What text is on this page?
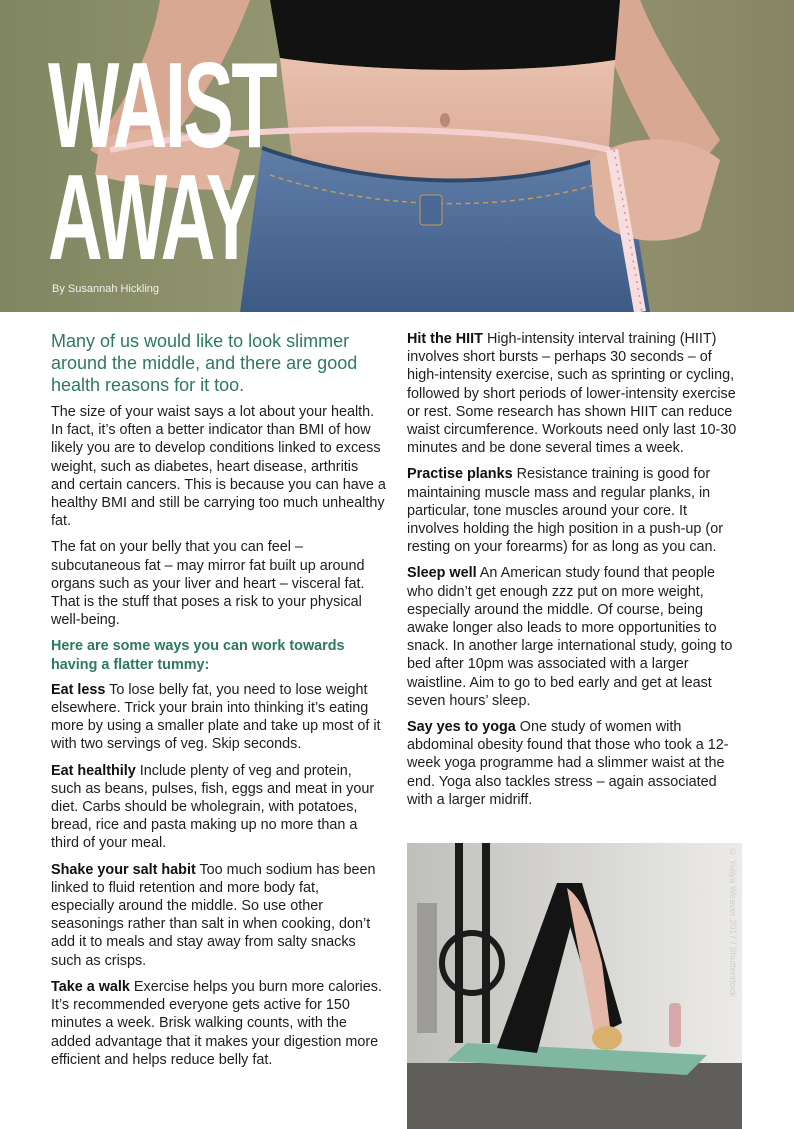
WAIST
AWAY
By Susannah Hickling

Many of us would like to look slimmer around the middle, and there are good health reasons for it too.

The size of your waist says a lot about your health. In fact, it’s often a better indicator than BMI of how likely you are to develop conditions linked to excess weight, such as diabetes, heart disease, arthritis and certain cancers. This is because you can have a healthy BMI and still be carrying too much unhealthy fat.

The fat on your belly that you can feel – subcutaneous fat – may mirror fat built up around organs such as your liver and heart – visceral fat. That is the stuff that poses a risk to your physical well-being.

Here are some ways you can work towards having a flatter tummy:

Eat less To lose belly fat, you need to lose weight elsewhere. Trick your brain into thinking it’s eating more by using a smaller plate and take up most of it with two servings of veg. Skip seconds.

Eat healthily Include plenty of veg and protein, such as beans, pulses, fish, eggs and meat in your diet. Carbs should be wholegrain, with potatoes, bread, rice and pasta making up no more than a third of your meal.

Shake your salt habit Too much sodium has been linked to fluid retention and more body fat, especially around the middle. So use other seasonings rather than salt in when cooking, don’t add it to meals and stay away from salty snacks such as crisps.

Take a walk Exercise helps you burn more calories. It’s recommended everyone gets active for 150 minutes a week. Brisk walking counts, with the added advantage that it makes your digestion more efficient and helps reduce belly fat.

Hit the HIIT High-intensity interval training (HIIT) involves short bursts – perhaps 30 seconds – of high-intensity exercise, such as sprinting or cycling, followed by short periods of lower-intensity exercise or rest. Some research has shown HIIT can reduce waist circumference. Workouts need only last 10-30 minutes and be done several times a week.

Practise planks Resistance training is good for maintaining muscle mass and regular planks, in particular, tone muscles around your core. It involves holding the high position in a push-up (or resting on your forearms) for as long as you can.

Sleep well An American study found that people who didn’t get enough zzz put on more weight, especially around the middle. Of course, being awake longer also leads to more opportunities to snack. In another large international study, going to bed after 10pm was associated with a larger waistline. Aim to go to bed early and get at least seven hours’ sleep.

Say yes to yoga One study of women with abdominal obesity found that those who took a 12-week yoga programme had a slimmer waist at the end. Yoga also tackles stress – again associated with a larger midriff.

© Yuliya Weaver 2017 / Shutterstock
